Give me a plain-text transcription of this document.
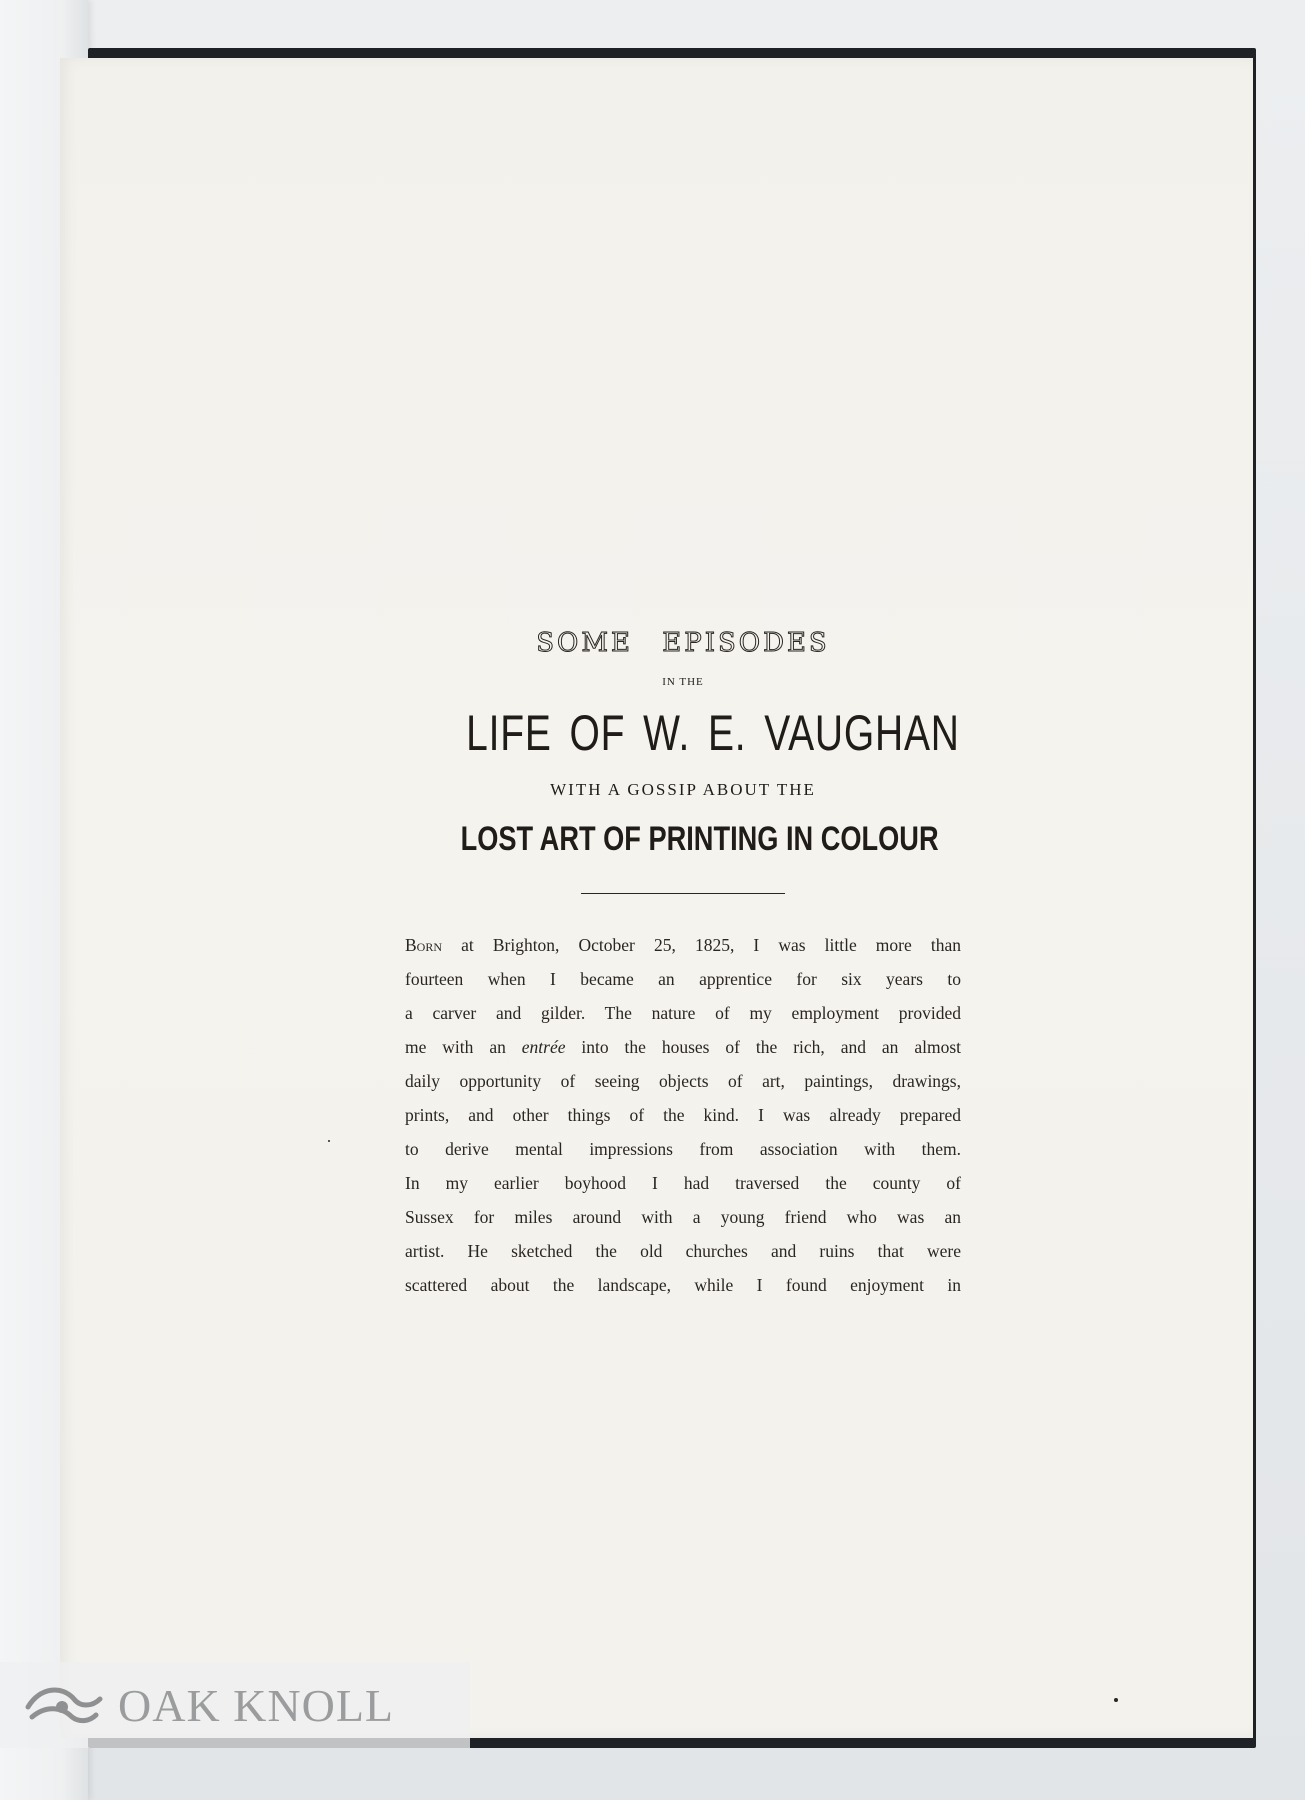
SOME EPISODES
IN THE
LIFE OF W. E. VAUGHAN
WITH A GOSSIP ABOUT THE
LOST ART OF PRINTING IN COLOUR
Born at Brighton, October 25, 1825, I was little more than
fourteen when I became an apprentice for six years to
a carver and gilder. The nature of my employment provided
me with an entrée into the houses of the rich, and an almost
daily opportunity of seeing objects of art, paintings, drawings,
prints, and other things of the kind. I was already prepared
to derive mental impressions from association with them.
In my earlier boyhood I had traversed the county of
Sussex for miles around with a young friend who was an
artist. He sketched the old churches and ruins that were
scattered about the landscape, while I found enjoyment in
OAK KNOLL
